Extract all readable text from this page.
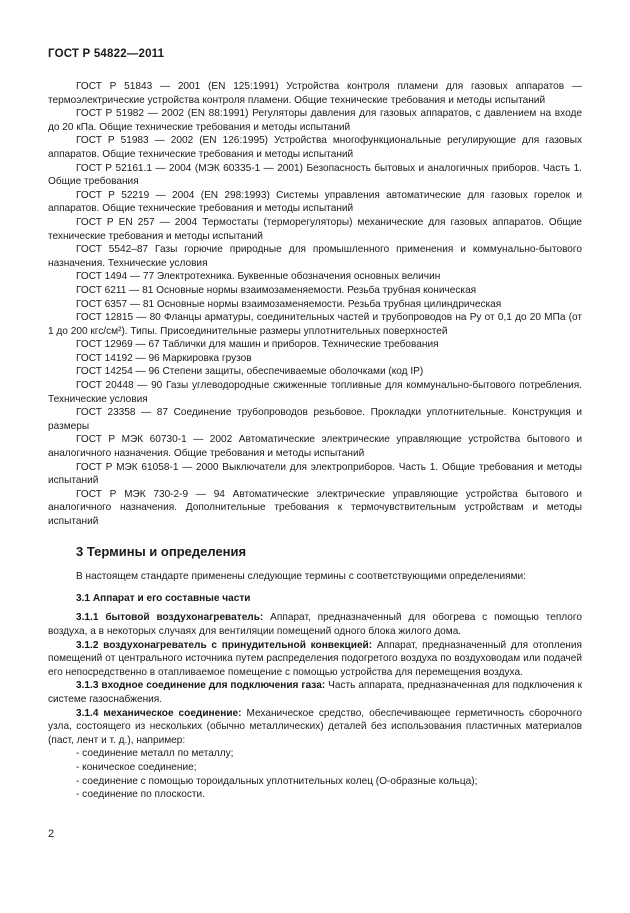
ГОСТ Р 54822—2011

ГОСТ Р 51843 — 2001 (EN 125:1991) Устройства контроля пламени для газовых аппаратов — термоэлектрические устройства контроля пламени. Общие технические требования и методы испытаний

ГОСТ Р 51982 — 2002 (EN 88:1991) Регуляторы давления для газовых аппаратов, с давлением на входе до 20 кПа. Общие технические требования и методы испытаний

ГОСТ Р 51983 — 2002 (EN 126:1995) Устройства многофункциональные регулирующие для газовых аппаратов. Общие технические требования и методы испытаний

ГОСТ Р 52161.1 — 2004 (МЭК 60335-1 — 2001) Безопасность бытовых и аналогичных приборов. Часть 1. Общие требования

ГОСТ Р 52219 — 2004 (EN 298:1993) Системы управления автоматические для газовых горелок и аппаратов. Общие технические требования и методы испытаний

ГОСТ Р EN 257 — 2004 Термостаты (терморегуляторы) механические для газовых аппаратов. Общие технические требования и методы испытаний

ГОСТ 5542–87 Газы горючие природные для промышленного применения и коммунально-бытового назначения. Технические условия

ГОСТ 1494 — 77 Электротехника. Буквенные обозначения основных величин

ГОСТ 6211 — 81 Основные нормы взаимозаменяемости. Резьба трубная коническая

ГОСТ 6357 — 81 Основные нормы взаимозаменяемости. Резьба трубная цилиндрическая

ГОСТ 12815 — 80 Фланцы арматуры, соединительных частей и трубопроводов на Ру от 0,1 до 20 МПа (от 1 до 200 кгс/см²). Типы. Присоединительные размеры уплотнительных поверхностей

ГОСТ 12969 — 67 Таблички для машин и приборов. Технические требования

ГОСТ 14192 — 96 Маркировка грузов

ГОСТ 14254 — 96 Степени защиты, обеспечиваемые оболочками (код IP)

ГОСТ 20448 — 90 Газы углеводородные сжиженные топливные для коммунально-бытового потребления. Технические условия

ГОСТ 23358 — 87 Соединение трубопроводов резьбовое. Прокладки уплотнительные. Конструкция и размеры

ГОСТ Р МЭК 60730-1 — 2002 Автоматические электрические управляющие устройства бытового и аналогичного назначения. Общие требования и методы испытаний

ГОСТ Р МЭК 61058-1 — 2000 Выключатели для электроприборов. Часть 1. Общие требования и методы испытаний

ГОСТ Р МЭК 730-2-9 — 94 Автоматические электрические управляющие устройства бытового и аналогичного назначения. Дополнительные требования к термочувствительным устройствам и методы испытаний

3 Термины и определения

В настоящем стандарте применены следующие термины с соответствующими определениями:

3.1 Аппарат и его составные части

3.1.1 бытовой воздухонагреватель: Аппарат, предназначенный для обогрева с помощью теплого воздуха, а в некоторых случаях для вентиляции помещений одного блока жилого дома.

3.1.2 воздухонагреватель с принудительной конвекцией: Аппарат, предназначенный для отопления помещений от центрального источника путем распределения подогретого воздуха по воздуховодам или подачей его непосредственно в отапливаемое помещение с помощью устройства для перемещения воздуха.

3.1.3 входное соединение для подключения газа: Часть аппарата, предназначенная для подключения к системе газоснабжения.

3.1.4 механическое соединение: Механическое средство, обеспечивающее герметичность сборочного узла, состоящего из нескольких (обычно металлических) деталей без использования пластичных материалов (паст, лент и т. д.), например:

- соединение металл по металлу;
- коническое соединение;
- соединение с помощью тороидальных уплотнительных колец (О-образные кольца);
- соединение по плоскости.
2
